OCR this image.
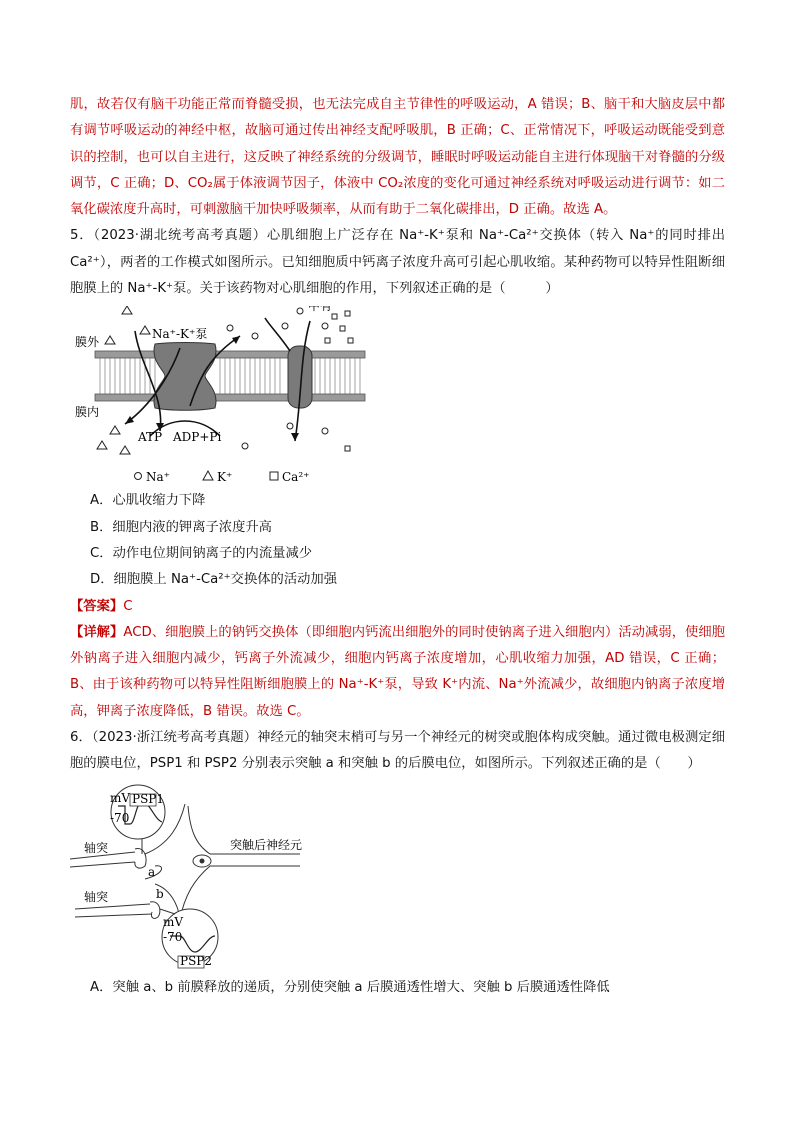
肌，故若仅有脑干功能正常而脊髓受损，也无法完成自主节律性的呼吸运动，A 错误；B、脑干和大脑皮层中都有调节呼吸运动的神经中枢，故脑可通过传出神经支配呼吸肌，B 正确；C、正常情况下，呼吸运动既能受到意识的控制，也可以自主进行，这反映了神经系统的分级调节，睡眠时呼吸运动能自主进行体现脑干对脊髓的分级调节，C 正确；D、CO₂属于体液调节因子，体液中 CO₂浓度的变化可通过神经系统对呼吸运动进行调节：如二氧化碳浓度升高时，可刺激脑干加快呼吸频率，从而有助于二氧化碳排出，D 正确。故选 A。

5．（2023·湖北统考高考真题）心肌细胞上广泛存在 Na⁺-K⁺泵和 Na⁺-Ca²⁺交换体（转入 Na⁺的同时排出 Ca²⁺），两者的工作模式如图所示。已知细胞质中钙离子浓度升高可引起心肌收缩。某种药物可以特异性阻断细胞膜上的 Na⁺-K⁺泵。关于该药物对心肌细胞的作用，下列叙述正确的是（　　　）

膜外
膜内
Na⁺-K⁺泵
ATP ADP+Pi
中有
Na⁺	K⁺	Ca²⁺

A．心肌收缩力下降

B．细胞内液的钾离子浓度升高

C．动作电位期间钠离子的内流量减少

D．细胞膜上 Na⁺-Ca²⁺交换体的活动加强

【答案】C

【详解】ACD、细胞膜上的钠钙交换体（即细胞内钙流出细胞外的同时使钠离子进入细胞内）活动减弱，使细胞外钠离子进入细胞内减少，钙离子外流减少，细胞内钙离子浓度增加，心肌收缩力加强，AD 错误，C 正确；B、由于该种药物可以特异性阻断细胞膜上的 Na⁺-K⁺泵，导致 K⁺内流、Na⁺外流减少，故细胞内钠离子浓度增高，钾离子浓度降低，B 错误。故选 C。

6．（2023·浙江统考高考真题）神经元的轴突末梢可与另一个神经元的树突或胞体构成突触。通过微电极测定细胞的膜电位，PSP1 和 PSP2 分别表示突触 a 和突触 b 的后膜电位，如图所示。下列叙述正确的是（　　）

mV
-70
PSP1
mV
-70
PSP2
轴突
轴突
突触后神经元
a
b

A．突触 a、b 前膜释放的递质，分别使突触 a 后膜通透性增大、突触 b 后膜通透性降低
